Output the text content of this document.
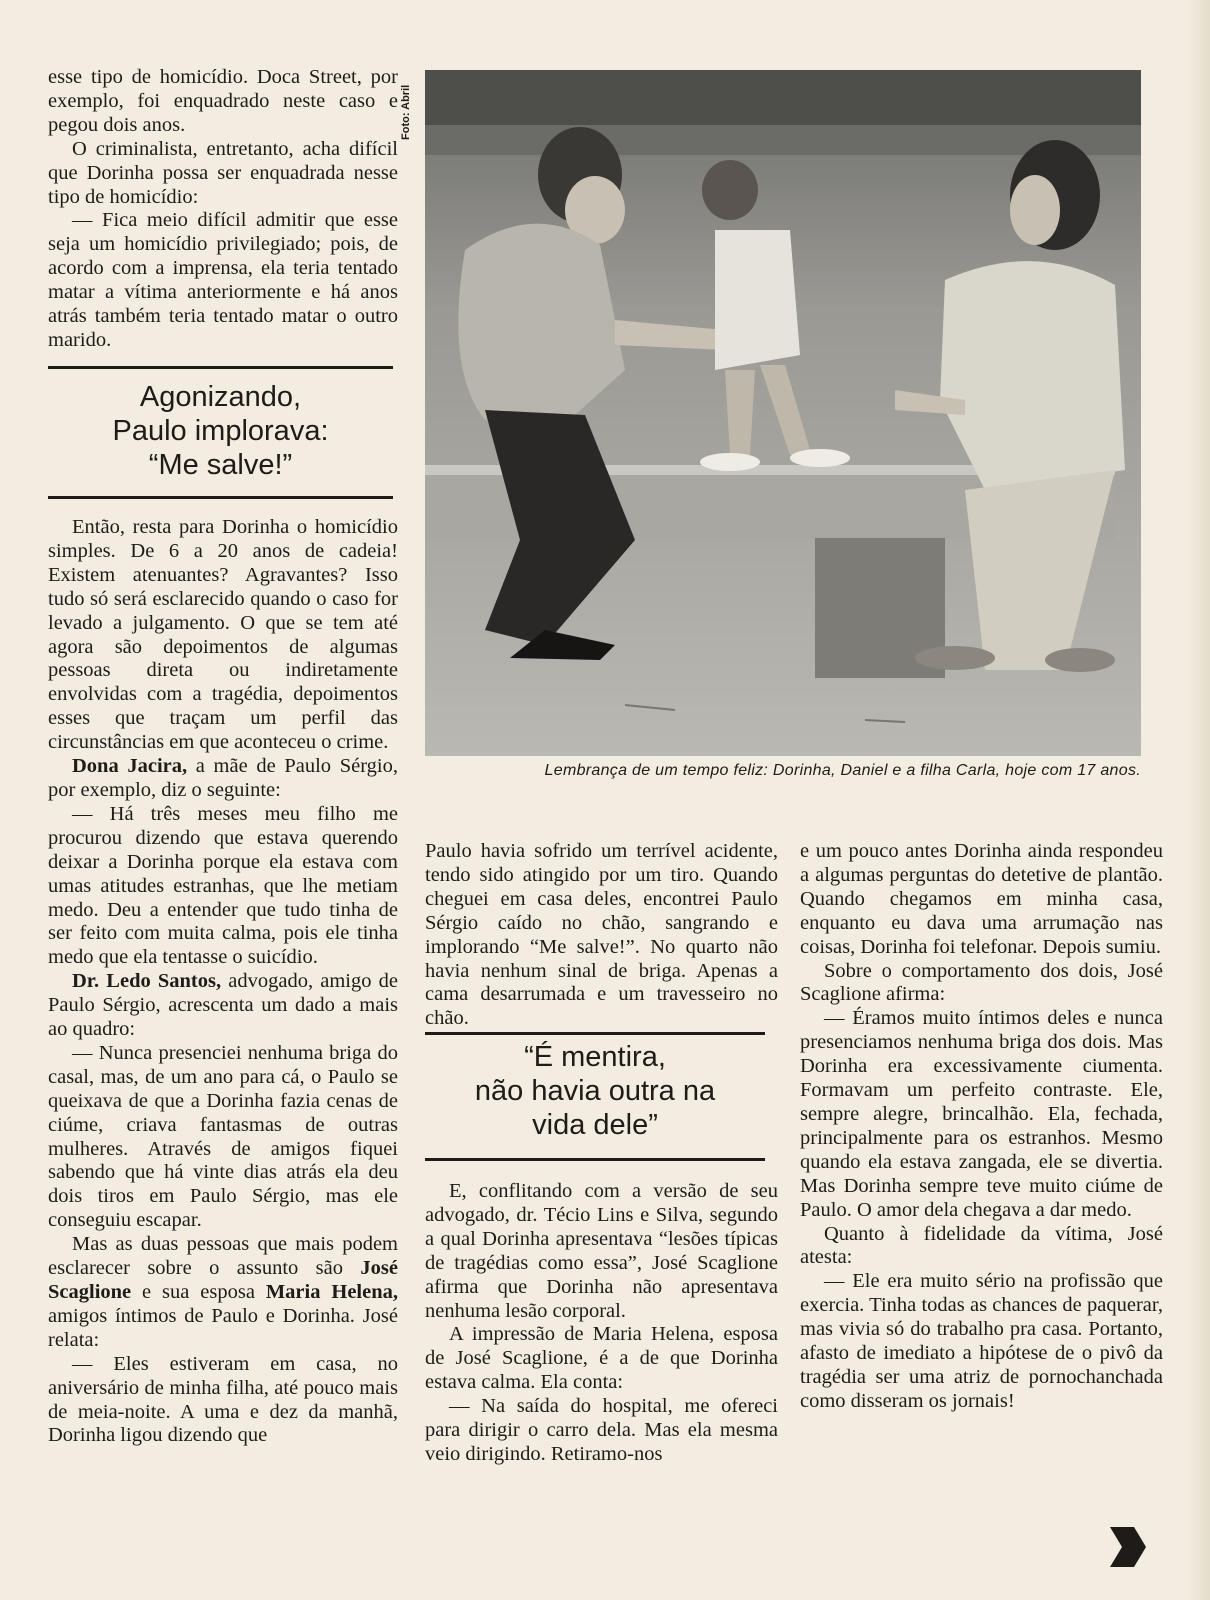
esse tipo de homicídio. Doca Street, por exemplo, foi enquadrado neste caso e pegou dois anos.

O criminalista, entretanto, acha difícil que Dorinha possa ser enquadrada nesse tipo de homicídio:

— Fica meio difícil admitir que esse seja um homicídio privilegiado; pois, de acordo com a imprensa, ela teria tentado matar a vítima anteriormente e há anos atrás também teria tentado matar o outro marido.

Agonizando,
Paulo implorava:
“Me salve!”

Então, resta para Dorinha o homicídio simples. De 6 a 20 anos de cadeia! Existem atenuantes? Agravantes? Isso tudo só será esclarecido quando o caso for levado a julgamento. O que se tem até agora são depoimentos de algumas pessoas direta ou indiretamente envolvidas com a tragédia, depoimentos esses que traçam um perfil das circunstâncias em que aconteceu o crime.

Dona Jacira, a mãe de Paulo Sérgio, por exemplo, diz o seguinte:

— Há três meses meu filho me procurou dizendo que estava querendo deixar a Dorinha porque ela estava com umas atitudes estranhas, que lhe metiam medo. Deu a entender que tudo tinha de ser feito com muita calma, pois ele tinha medo que ela tentasse o suicídio.

Dr. Ledo Santos, advogado, amigo de Paulo Sérgio, acrescenta um dado a mais ao quadro:

— Nunca presenciei nenhuma briga do casal, mas, de um ano para cá, o Paulo se queixava de que a Dorinha fazia cenas de ciúme, criava fantasmas de outras mulheres. Através de amigos fiquei sabendo que há vinte dias atrás ela deu dois tiros em Paulo Sérgio, mas ele conseguiu escapar.

Mas as duas pessoas que mais podem esclarecer sobre o assunto são José Scaglione e sua esposa Maria Helena, amigos íntimos de Paulo e Dorinha. José relata:

— Eles estiveram em casa, no aniversário de minha filha, até pouco mais de meia-noite. A uma e dez da manhã, Dorinha ligou dizendo que

Foto: Abril
Lembrança de um tempo feliz: Dorinha, Daniel e a filha Carla, hoje com 17 anos.

Paulo havia sofrido um terrível acidente, tendo sido atingido por um tiro. Quando cheguei em casa deles, encontrei Paulo Sérgio caído no chão, sangrando e implorando “Me salve!”. No quarto não havia nenhum sinal de briga. Apenas a cama desarrumada e um travesseiro no chão.

“É mentira,
não havia outra na
vida dele”

E, conflitando com a versão de seu advogado, dr. Técio Lins e Silva, segundo a qual Dorinha apresentava “lesões típicas de tragédias como essa”, José Scaglione afirma que Dorinha não apresentava nenhuma lesão corporal.

A impressão de Maria Helena, esposa de José Scaglione, é a de que Dorinha estava calma. Ela conta:

— Na saída do hospital, me ofereci para dirigir o carro dela. Mas ela mesma veio dirigindo. Retiramo-nos

e um pouco antes Dorinha ainda respondeu a algumas perguntas do detetive de plantão. Quando chegamos em minha casa, enquanto eu dava uma arrumação nas coisas, Dorinha foi telefonar. Depois sumiu.

Sobre o comportamento dos dois, José Scaglione afirma:

— Éramos muito íntimos deles e nunca presenciamos nenhuma briga dos dois. Mas Dorinha era excessivamente ciumenta. Formavam um perfeito contraste. Ele, sempre alegre, brincalhão. Ela, fechada, principalmente para os estranhos. Mesmo quando ela estava zangada, ele se divertia. Mas Dorinha sempre teve muito ciúme de Paulo. O amor dela chegava a dar medo.

Quanto à fidelidade da vítima, José atesta:

— Ele era muito sério na profissão que exercia. Tinha todas as chances de paquerar, mas vivia só do trabalho pra casa. Portanto, afasto de imediato a hipótese de o pivô da tragédia ser uma atriz de pornochanchada como disseram os jornais!
